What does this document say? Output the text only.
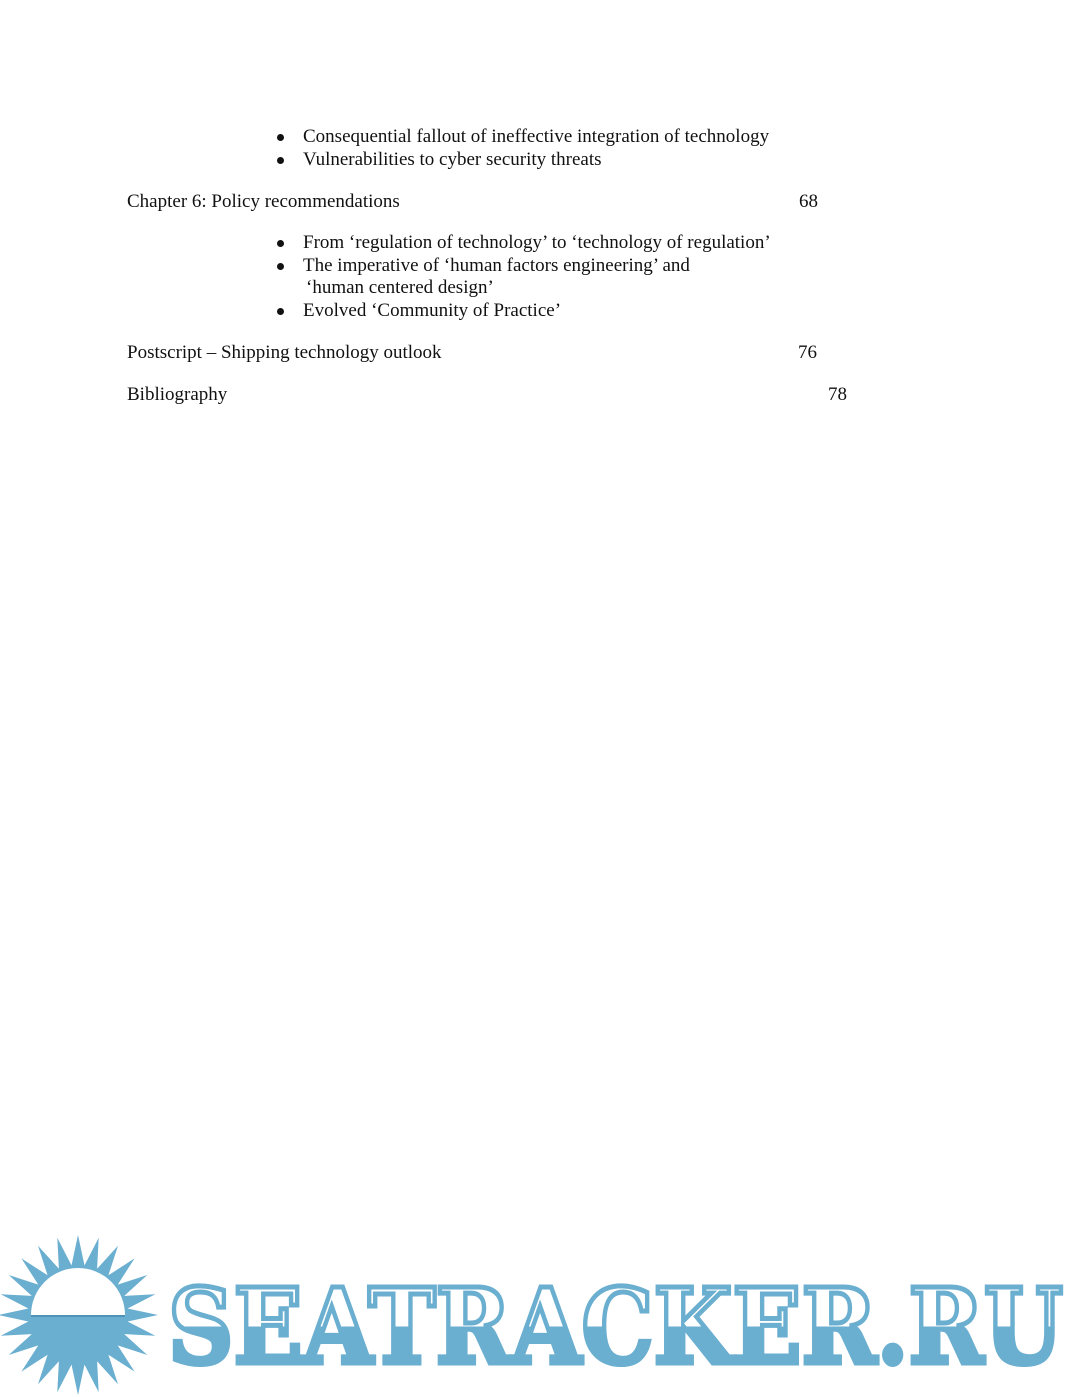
Consequential fallout of ineffective integration of technology
Vulnerabilities to cyber security threats
Chapter 6: Policy recommendations	68
From ‘regulation of technology’ to ‘technology of regulation’
The imperative of ‘human factors engineering’ and
‘human centered design’
Evolved ‘Community of Practice’
Postscript – Shipping technology outlook	76
Bibliography	78
SEATRACKER.RU
